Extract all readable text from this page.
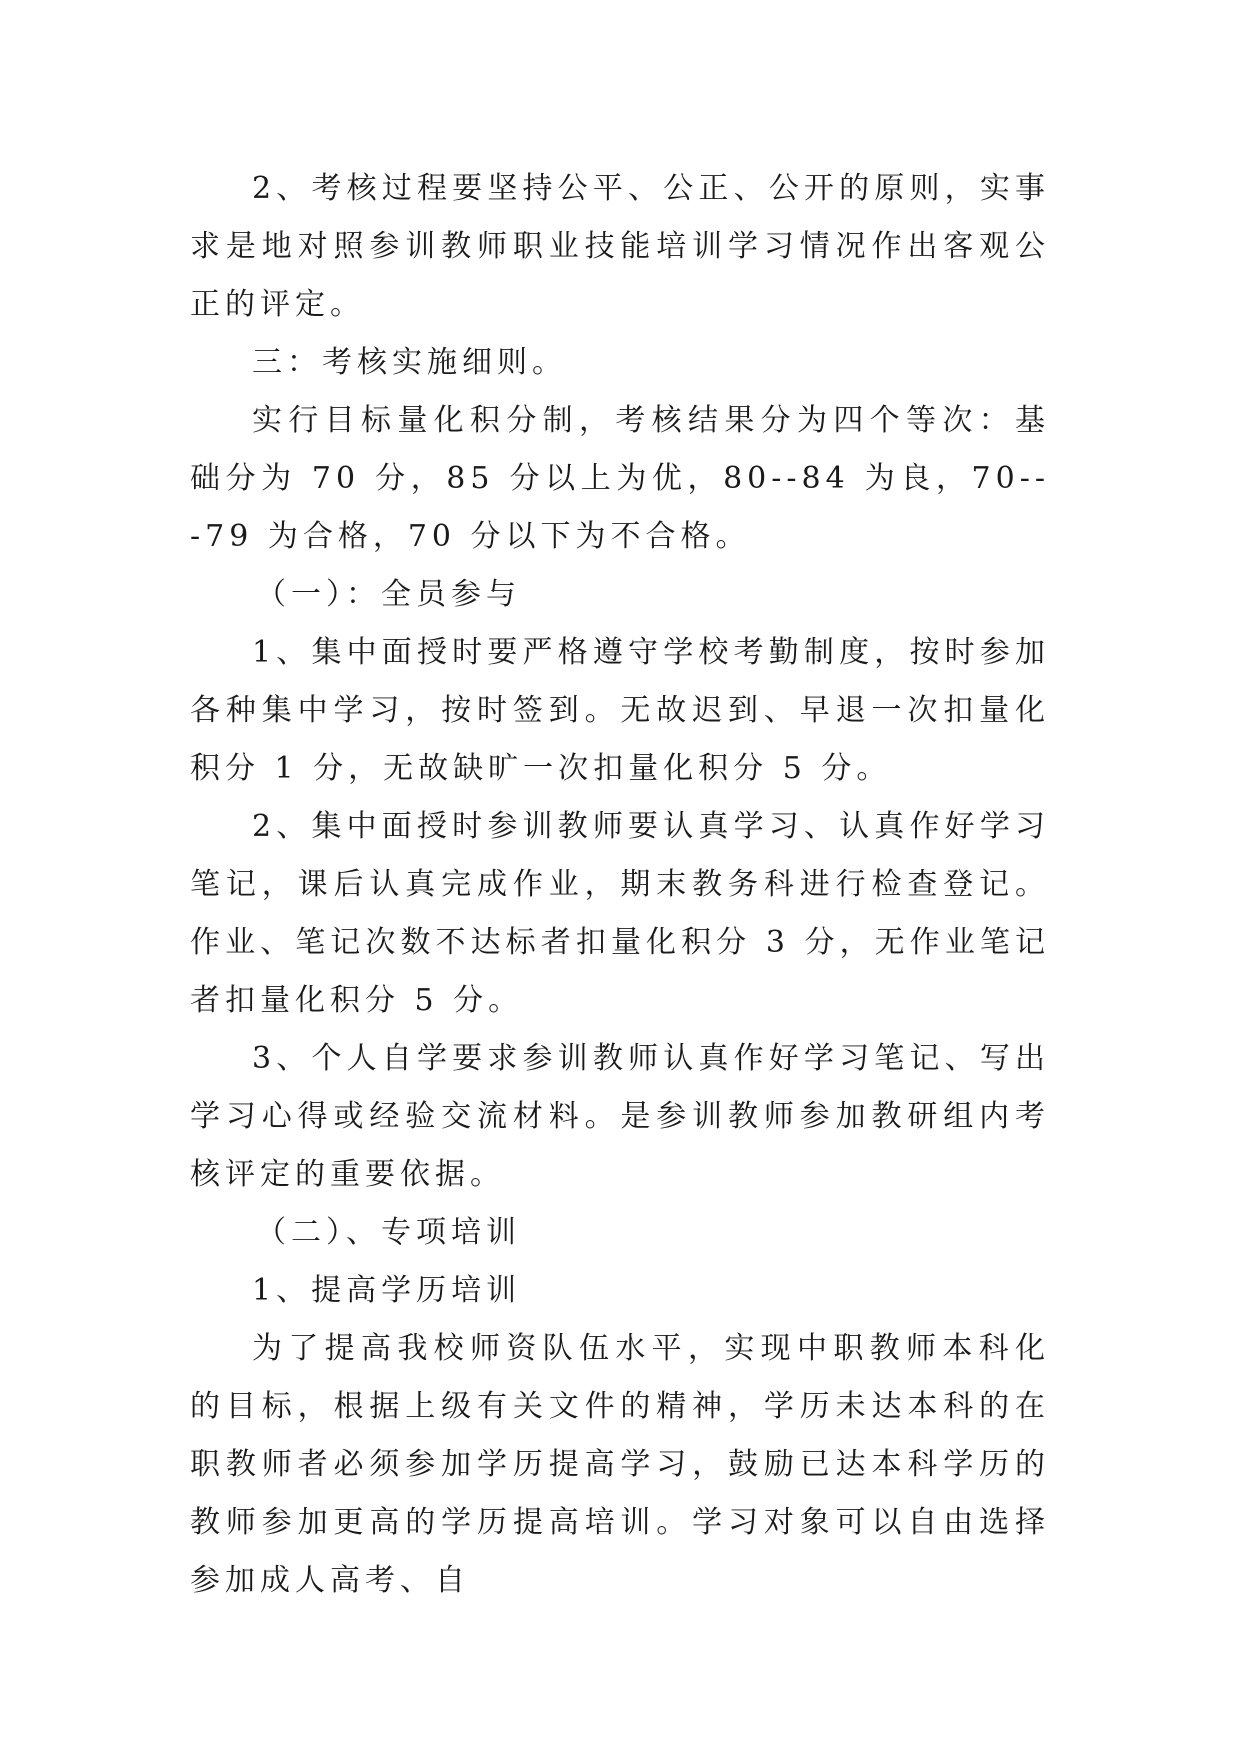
2、考核过程要坚持公平、公正、公开的原则，实事求是地对照参训教师职业技能培训学习情况作出客观公正的评定。

三：考核实施细则。

实行目标量化积分制，考核结果分为四个等次：基础分为 70 分，85 分以上为优，80--84 为良，70---79 为合格，70 分以下为不合格。

（一）：全员参与

1、集中面授时要严格遵守学校考勤制度，按时参加各种集中学习，按时签到。无故迟到、早退一次扣量化积分 1 分，无故缺旷一次扣量化积分 5 分。

2、集中面授时参训教师要认真学习、认真作好学习笔记，课后认真完成作业，期末教务科进行检查登记。作业、笔记次数不达标者扣量化积分 3 分，无作业笔记者扣量化积分 5 分。

3、个人自学要求参训教师认真作好学习笔记、写出学习心得或经验交流材料。是参训教师参加教研组内考核评定的重要依据。

（二）、专项培训

1、提高学历培训

为了提高我校师资队伍水平，实现中职教师本科化的目标，根据上级有关文件的精神，学历未达本科的在职教师者必须参加学历提高学习，鼓励已达本科学历的教师参加更高的学历提高培训。学习对象可以自由选择参加成人高考、自
